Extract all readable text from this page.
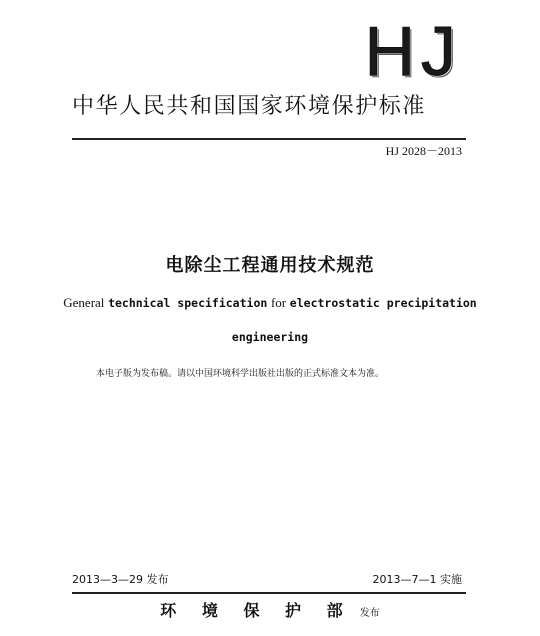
HJ
中华人民共和国国家环境保护标准
HJ 2028－2013
电除尘工程通用技术规范
General technical specification for electrostatic precipitation engineering
本电子版为发布稿。请以中国环境科学出版社出版的正式标准文本为准。
2013—3—29 发布	2013—7—1 实施
环 境 保 护 部 发布
